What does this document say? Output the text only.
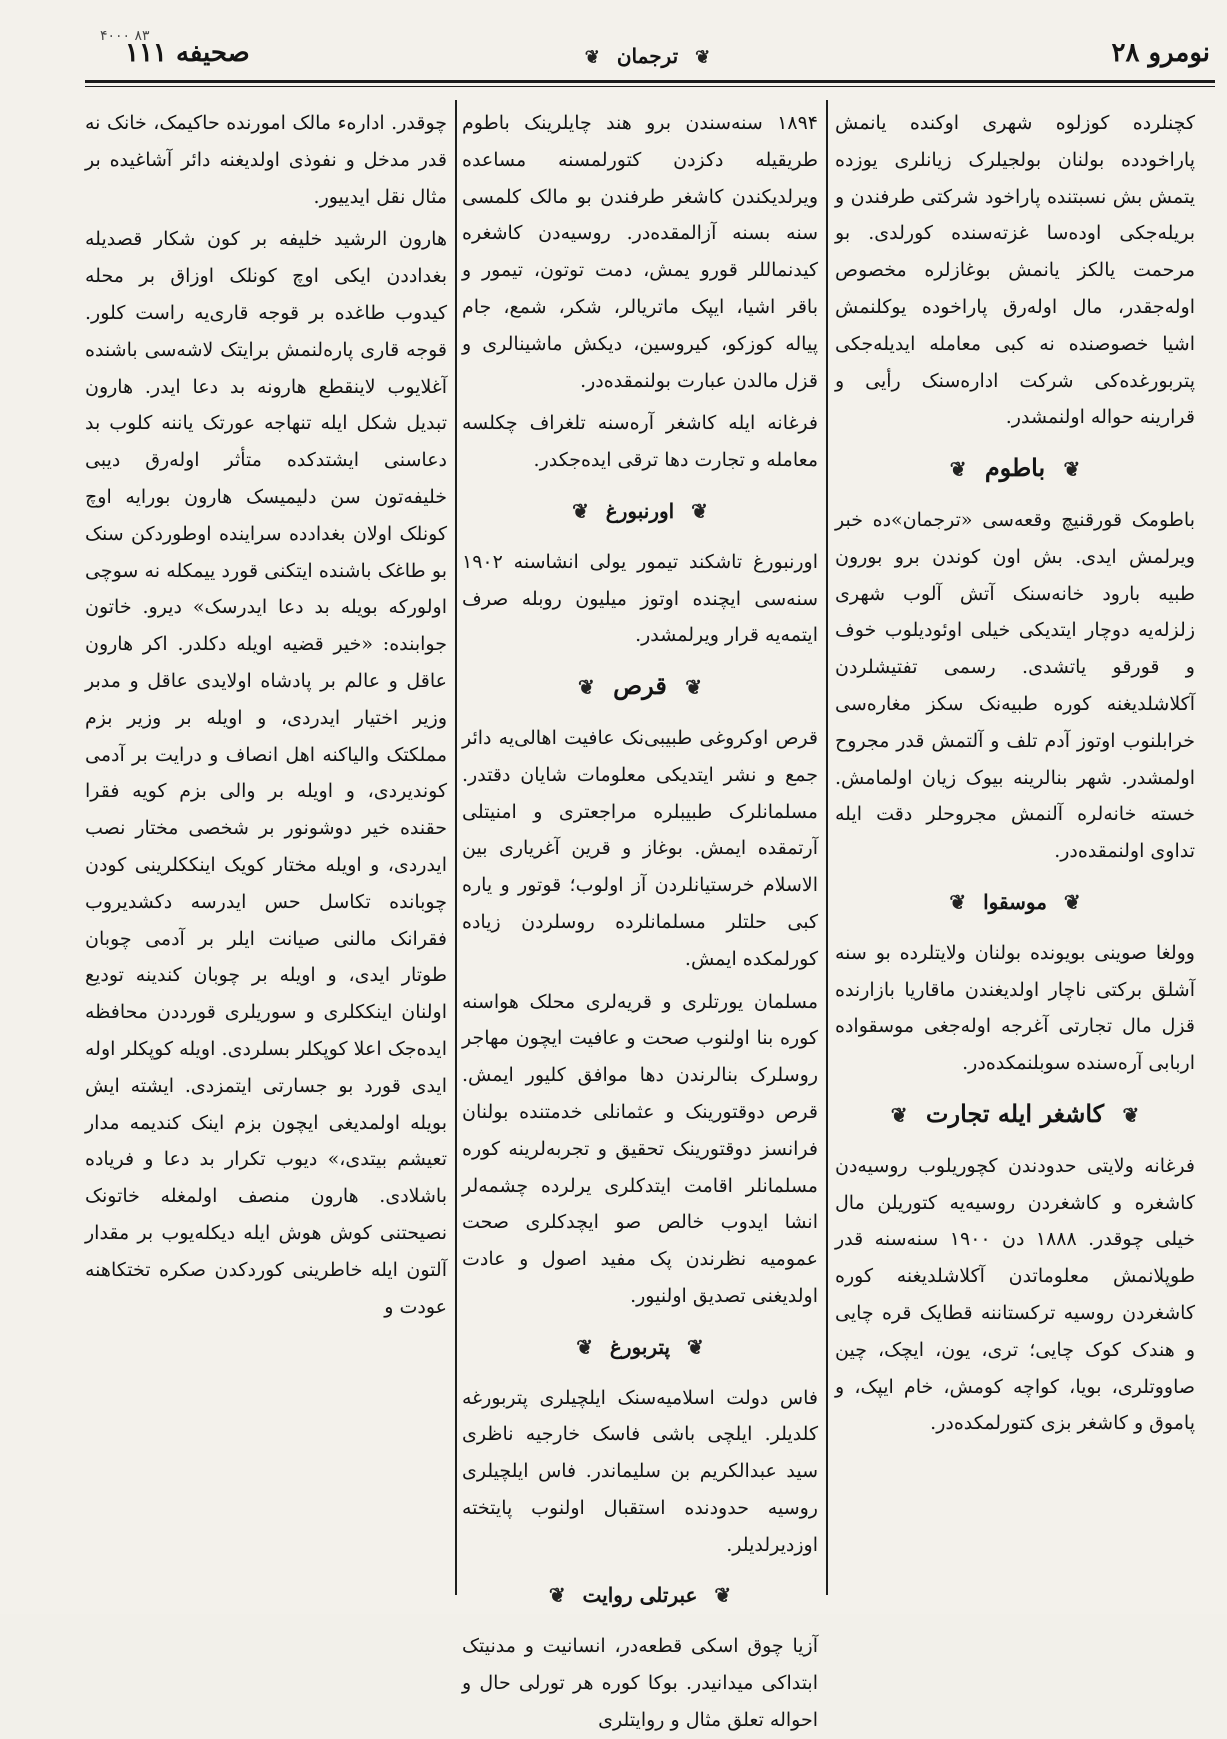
نومرو ۲۸
❦ ترجمان ❦
صحیفه ۱۱۱
۴۰۰۰ ۸۳

کچنلرده کوزلوه شهری اوکنده یانمش پاراخودده بولنان بولجیلرک زیانلری یوزده یتمش بش نسبتنده پاراخود شرکتی طرفندن و بریله‌جکی اوده‌سا غزته‌سنده کورلدی. بو مرحمت یالکز یانمش بوغاز‌لره مخصوص اوله‌جقدر، مال اوله‌رق پاراخوده یوکلنمش اشیا خصوصنده نه کبی معامله ایدیله‌جکی پتربورغده‌کی شرکت اداره‌سنک رأیی و قرارینه حواله اولنمشدر.

❦ باطوم ❦

باطومک قورقنیچ وقعه‌سی «ترجمان»ده خبر ویرلمش ایدی. بش اون کوندن برو بورون طبیه بارود خانه‌سنک آتش آلوب شهری زلزله‌یه دوچار ایتدیکی خیلی اوئودیلوب خوف و قورقو یاتشدی. رسمی تفتیشلردن آکلاشلدیغنه کوره طبیه‌نک سکز مغاره‌سی خرابلنوب اوتوز آدم تلف و آلتمش قدر مجروح اولمشدر. شهر بنالرینه بیوک زیان اولمامش. خسته خانه‌لره آلنمش مجروحلر دقت ایله تداوی اولنمقده‌در.

❦ موسقوا ❦

وولغا صوینی بویونده بولنان ولایتلرده بو سنه آشلق برکتی ناچار اولدیغندن ماقاریا بازارنده قزل مال تجارتی آغرجه اوله‌جغی موسقوا‌ده اربابی آره‌سنده سوبلنمکده‌در.

❦ کاشغر ایله تجارت ❦

فرغانه ولایتی حدودندن کچوریلوب روسیه‌دن کاشغره و کاشغردن روسیه‌یه کتوریلن مال خیلی چوقدر. ۱۸۸۸ دن ۱۹۰۰ سنه‌سنه قدر طوپلانمش معلوماتدن آکلاشلدیغنه کوره کاشغردن روسیه ترکستاننه قطایک قره چایی و هندک کوک چایی؛ تری، یون، ایچک، چین صاووتلری، بویا، کواچه کومش، خام ایپک، و پاموق و کاشغر بزی کتورلمکده‌در.

۱۸۹۴ سنه‌سندن برو هند چایلرینک باطوم طریقیله دکزدن کتورلمسنه مساعده ویرلدیکندن کاشغر طرفندن بو مالک کلمسی سنه بسنه آزالمقده‌در. روسیه‌دن کاشغره کیدنماللر قورو یمش، دمت توتون، تیمور و باقر اشیا، ایپک ماتریالر، شکر، شمع، جام پیاله کوزکو، کیروسین، دیکش ماشینالری و قزل مالدن عبارت بولنمقده‌در.

فرغانه ایله کاشغر آره‌سنه تلغراف چکلسه معامله و تجارت دها ترقی ایده‌جکدر.

❦ اورنبورغ ❦

اورنبورغ تاشکند تیمور یولی انشاسنه ۱۹۰۲ سنه‌سی ایچنده اوتوز میلیون روبله صرف ایتمه‌یه قرار ویرلمشدر.

❦ قرص ❦

قرص اوکروغی طبیبی‌نک عافیت اهالی‌یه دائر جمع و نشر ایتدیکی معلومات شایان دقتدر. مسلمانلرک طبیبلره مراجعتری و امنیتلی آرتمقده ایمش. بوغاز و قرین آغریاری بین الاسلام خرستیانلردن آز اولوب؛ قوتور و یاره کبی حلتلر مسلمانلرده روسلردن زیاده کورلمکده ایمش.

مسلمان یورتلری و قریه‌لری محلک هواسنه کوره بنا اولنوب صحت و عافیت ایچون مهاجر روسلرک بنالرندن دها موافق کلیور ایمش. قرص دوقتورینک و عثمانلی خدمتنده بولنان فرانسز دوقتورینک تحقیق و تجربه‌لرینه کوره مسلمانلر اقامت ایتدکلری یرلرده چشمه‌لر انشا ایدوب خالص صو ایچدکلری صحت عمومیه نظرندن پک مفید اصول و عادت اولدیغنی تصدیق اولنیور.

❦ پتربورغ ❦

فاس دولت اسلامیه‌سنک ایلچیلری پتربورغه کلدیلر. ایلچی باشی فاسک خارجیه ناظری سید عبدالکریم بن سلیماندر. فاس ایلچیلری روسیه حدودنده استقبال اولنوب پایتخته اوزدیرلدیلر.

❦ عبرتلی روایت ❦

آزیا چوق اسکی قطعه‌در، انسانیت و مدنیتک ابتداکی میدانیدر. بوکا کوره هر تورلی حال و احواله تعلق مثال و روایتلری

چوقدر. اداره‌ء مالک امورنده حاکیمک، خانک نه قدر مدخل و نفوذی اولدیغنه دائر آشاغیده بر مثال نقل ایدییور.

هارون الرشید خلیفه بر کون شکار قصدیله بغداددن ایکی اوچ کونلک اوزاق بر محله کیدوب طاغده بر قوجه قاری‌یه راست کلور. قوجه قاری پاره‌لنمش برایتک لاشه‌سی باشنده آغلایوب لاینقطع هارونه بد دعا ایدر. هارون تبدیل شکل ایله تنهاجه عورتک یاننه کلوب بد دعاسنی ایشتدکده متأثر اوله‌رق دیبی خلیفه‌تون سن دلیمیسک هارون بورایه اوچ کونلک اولان بغدادده سراینده اوطوردکن سنک بو طاغک باشنده ایتکنی قورد ییمکله نه سوچی اولورکه بویله بد دعا ایدرسک» دیرو. خاتون جوابنده: «خیر قضیه اویله دکلدر. اکر هارون عاقل و عالم بر پادشاه اولایدی عاقل و مدبر وزیر اختیار ایدردی، و اویله بر وزیر بزم مملکتک والیاکنه اهل انصاف و درایت بر آدمی کوندیردی، و اویله بر والی بزم کویه فقرا حقنده خیر دوشونور بر شخصی مختار نصب ایدردی، و اویله مختار کویک اینککلرینی کودن چوبانده تکاسل حس ایدرسه دکشدیروب فقرانک مالنی صیانت ایلر بر آدمی چوبان طوتار ایدی، و اویله بر چوبان کندینه تودیع اولنان اینککلری و سوریلری قورددن محافظه ایده‌جک اعلا کوپکلر بسلردی. اویله کوپکلر اوله ایدی قورد بو جسارتی ایتمزدی. ایشته ایش بویله اولمدیغی ایچون بزم اینک کندیمه مدار تعیشم بیتدی،» دیوب تکرار بد دعا و فریاده باشلادی. هارون منصف اولمغله خاتونک نصیحتنی کوش هوش ایله دیکله‌یوب بر مقدار آلتون ایله خاطرینی کوردکدن صکره تختکاهنه عودت و
